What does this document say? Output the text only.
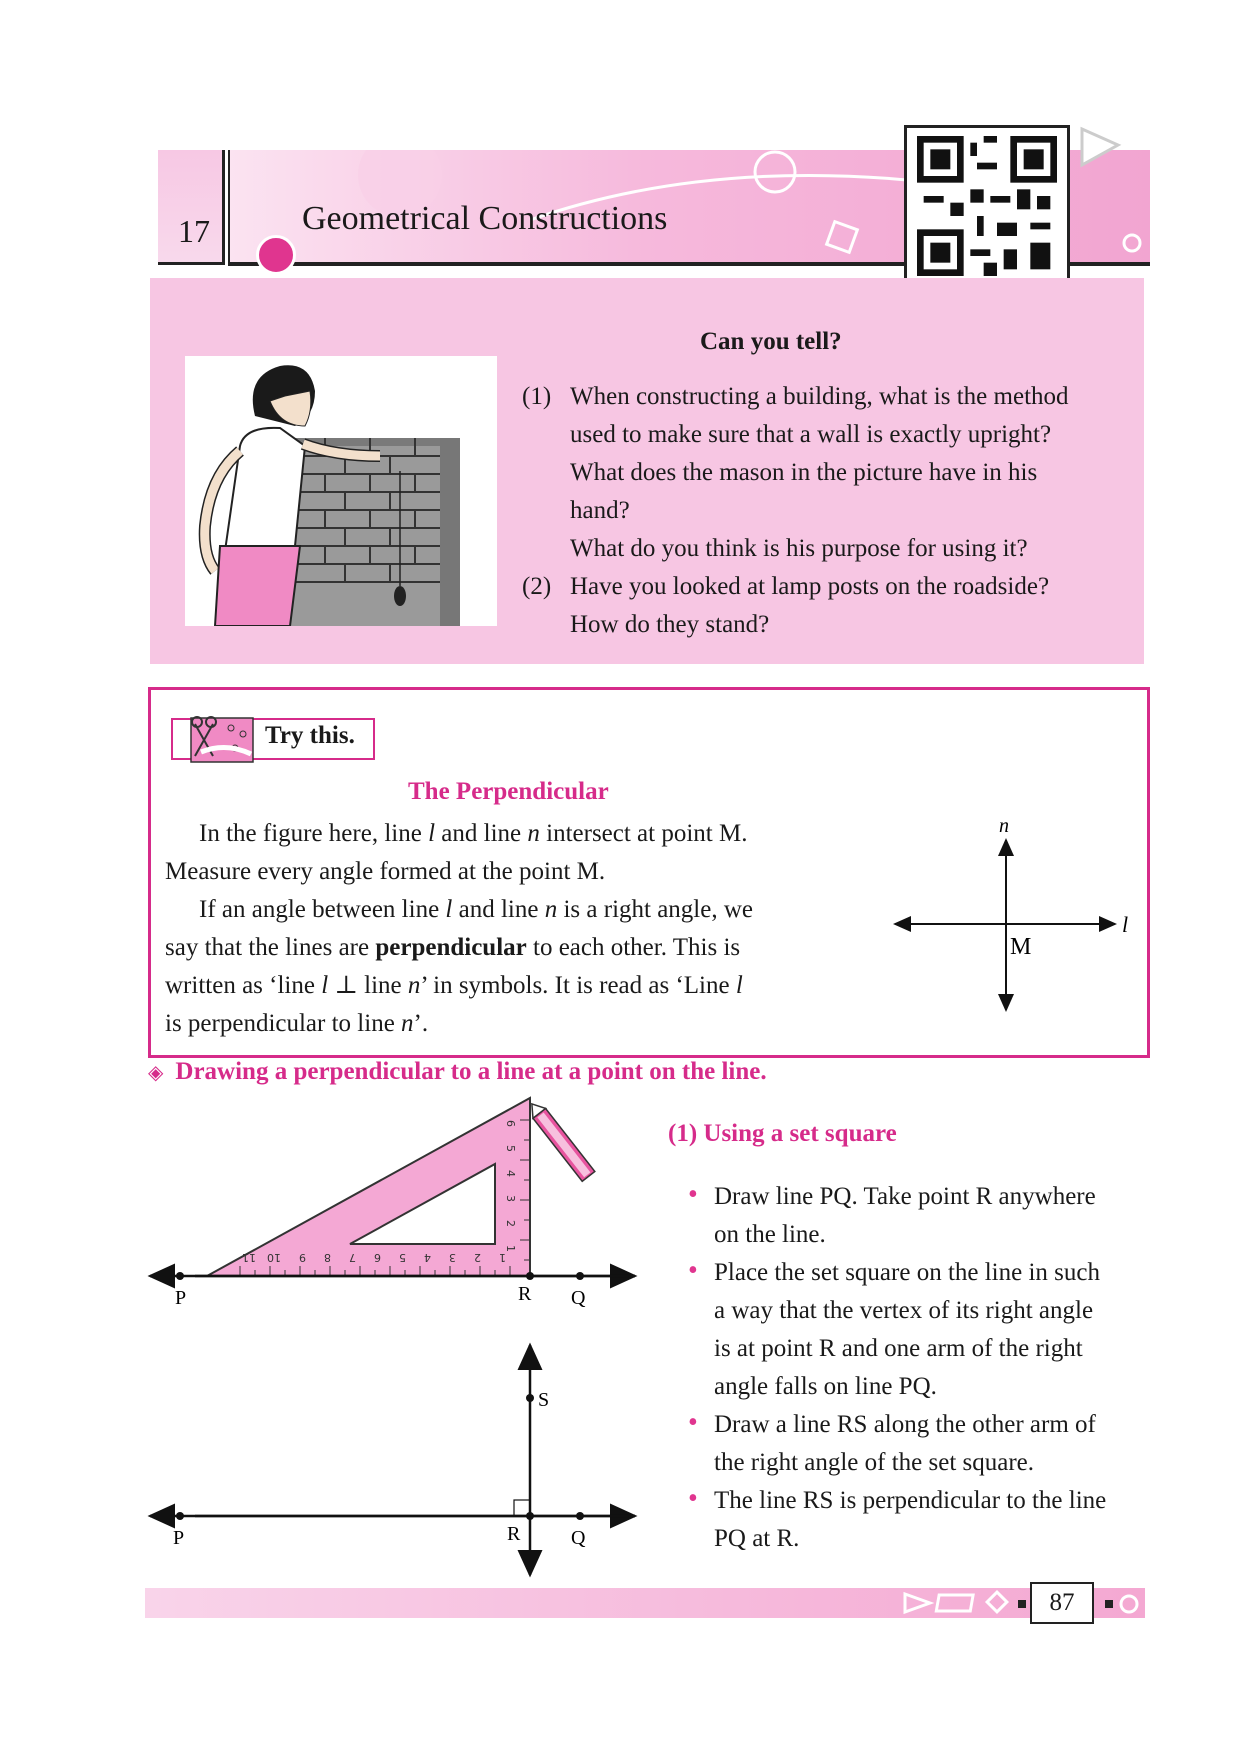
17	Geometrical Constructions
Can you tell?
(1) When constructing a building, what is the method
used to make sure that a wall is exactly upright?
What does the mason in the picture have in his
hand?
What do you think is his purpose for using it?
(2) Have you looked at lamp posts on the roadside?
How do they stand?
Try this.
The Perpendicular
In the figure here, line l and line n intersect at point M.
Measure every angle formed at the point M.
If an angle between line l and line n is a right angle, we
say that the lines are perpendicular to each other. This is
written as ‘line l ⊥ line n’ in symbols. It is read as ‘Line l
is perpendicular to line n’.
n
l
M
◈ Drawing a perpendicular to a line at a point on the line.
11 10 9 8 7 6 5 4 3 2 1
6
5
4
3
2
1
P	R Q
P	R	Q
S
(1) Using a set square
• Draw line PQ. Take point R anywhere
on the line.
• Place the set square on the line in such
a way that the vertex of its right angle
is at point R and one arm of the right
angle falls on line PQ.
• Draw a line RS along the other arm of
the right angle of the set square.
• The line RS is perpendicular to the line
PQ at R.
87
